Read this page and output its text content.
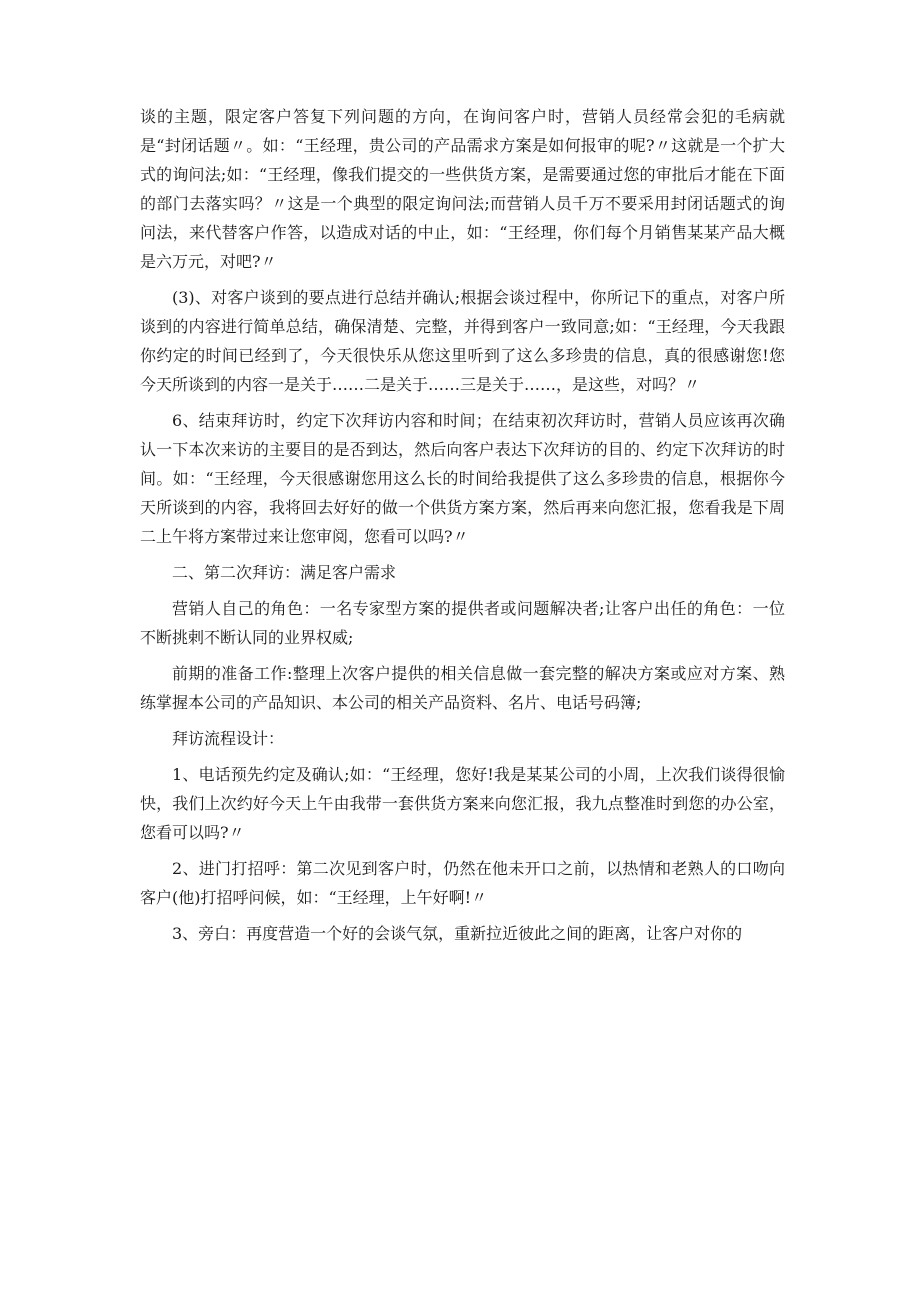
谈的主题，限定客户答复下列问题的方向，在询问客户时，营销人员经常会犯的毛病就是“封闭话题〃。如：“王经理，贵公司的产品需求方案是如何报审的呢?〃这就是一个扩大式的询问法;如：“王经理，像我们提交的一些供货方案，是需要通过您的审批后才能在下面的部门去落实吗？〃这是一个典型的限定询问法;而营销人员千万不要采用封闭话题式的询问法，来代替客户作答，以造成对话的中止，如：“王经理，你们每个月销售某某产品大概是六万元，对吧?〃

(3)、对客户谈到的要点进行总结并确认;根据会谈过程中，你所记下的重点，对客户所谈到的内容进行简单总结，确保清楚、完整，并得到客户一致同意;如：“王经理，今天我跟你约定的时间已经到了，今天很快乐从您这里听到了这么多珍贵的信息，真的很感谢您!您今天所谈到的内容一是关于……二是关于……三是关于……，是这些，对吗？〃

6、结束拜访时，约定下次拜访内容和时间；在结束初次拜访时，营销人员应该再次确认一下本次来访的主要目的是否到达，然后向客户表达下次拜访的目的、约定下次拜访的时间。如：“王经理，今天很感谢您用这么长的时间给我提供了这么多珍贵的信息，根据你今天所谈到的内容，我将回去好好的做一个供货方案方案，然后再来向您汇报，您看我是下周二上午将方案带过来让您审阅，您看可以吗?〃

二、第二次拜访：满足客户需求

营销人自己的角色：一名专家型方案的提供者或问题解决者;让客户出任的角色：一位不断挑剌不断认同的业界权威;

前期的准备工作:整理上次客户提供的相关信息做一套完整的解决方案或应对方案、熟练掌握本公司的产品知识、本公司的相关产品资料、名片、电话号码簿;

拜访流程设计：

1、电话预先约定及确认;如：“王经理，您好!我是某某公司的小周，上次我们谈得很愉快，我们上次约好今天上午由我带一套供货方案来向您汇报，我九点整准时到您的办公室，您看可以吗?〃

2、进门打招呼：第二次见到客户时，仍然在他未开口之前，以热情和老熟人的口吻向客户(他)打招呼问候，如：“王经理，上午好啊!〃

3、旁白：再度营造一个好的会谈气氛，重新拉近彼此之间的距离，让客户对你的
